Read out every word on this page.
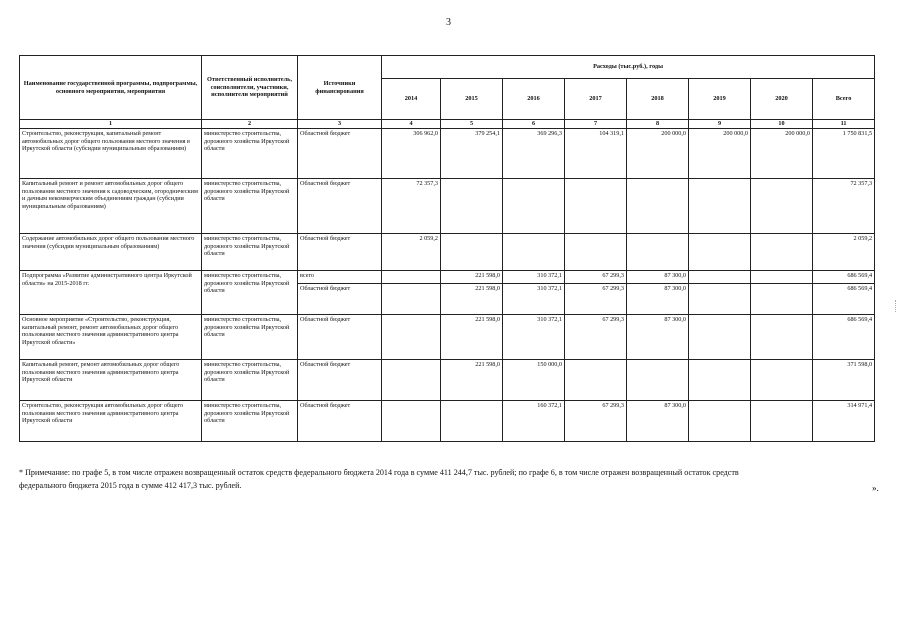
3
Наименование государственной программы, подпрограммы, основного мероприятия, мероприятия	Ответственный исполнитель, соисполнители, участники, исполнители мероприятий	Источники финансирования	Расходы (тыс.руб.), годы							
			2014	2015	2016	2017	2018	2019	2020	Всего
1	2	3	4	5	6	7	8	9	10	11
Строительство, реконструкция, капитальный ремонт автомобильных дорог общего пользования местного значения в Иркутской области (субсидии муниципальным образованиям)	министерство строительства, дорожного хозяйства Иркутской области	Областной бюджет	306 962,0	379 254,1	369 296,3	104 319,1	200 000,0	200 000,0	200 000,0	1 750 831,5
Капитальный ремонт и ремонт автомобильных дорог общего пользования местного значения к садоводческим, огородническим и дачным некоммерческим объединениям граждан (субсидии муниципальным образованиям)	министерство строительства, дорожного хозяйства Иркутской области	Областной бюджет	72 357,3							72 357,3
Содержание автомобильных дорог общего пользования местного значения (субсидии муниципальным образованиям)	министерство строительства, дорожного хозяйства Иркутской области	Областной бюджет	2 059,2							2 059,2
Подпрограмма «Развитие административного центра Иркутской области» на 2015-2018 гг.	министерство строительства, дорожного хозяйства Иркутской области	всего		221 598,0	310 372,1	67 299,3	87 300,0			686 569,4
		Областной бюджет		221 598,0	310 372,1	67 299,3	87 300,0			686 569,4
Основное мероприятие «Строительство, реконструкция, капитальный ремонт, ремонт автомобильных дорог общего пользования местного значения административного центра Иркутской области»	министерство строительства, дорожного хозяйства Иркутской области	Областной бюджет		221 598,0	310 372,1	67 299,3	87 300,0			686 569,4
Капитальный ремонт, ремонт автомобильных дорог общего пользования местного значения административного центра Иркутской области	министерство строительства, дорожного хозяйства Иркутской области	Областной бюджет		221 598,0	150 000,0					371 598,0
Строительство, реконструкция автомобильных дорог общего пользования местного значения административного центра Иркутской области	министерство строительства, дорожного хозяйства Иркутской области	Областной бюджет			160 372,1	67 299,3	87 300,0			314 971,4
* Примечание: по графе 5, в том числе отражен возвращенный остаток средств федерального бюджета 2014 года в сумме 411 244,7 тыс. рублей; по графе 6, в том числе отражен возвращенный остаток средств
федерального бюджета 2015 года в сумме 412 417,3 тыс. рублей.	».
